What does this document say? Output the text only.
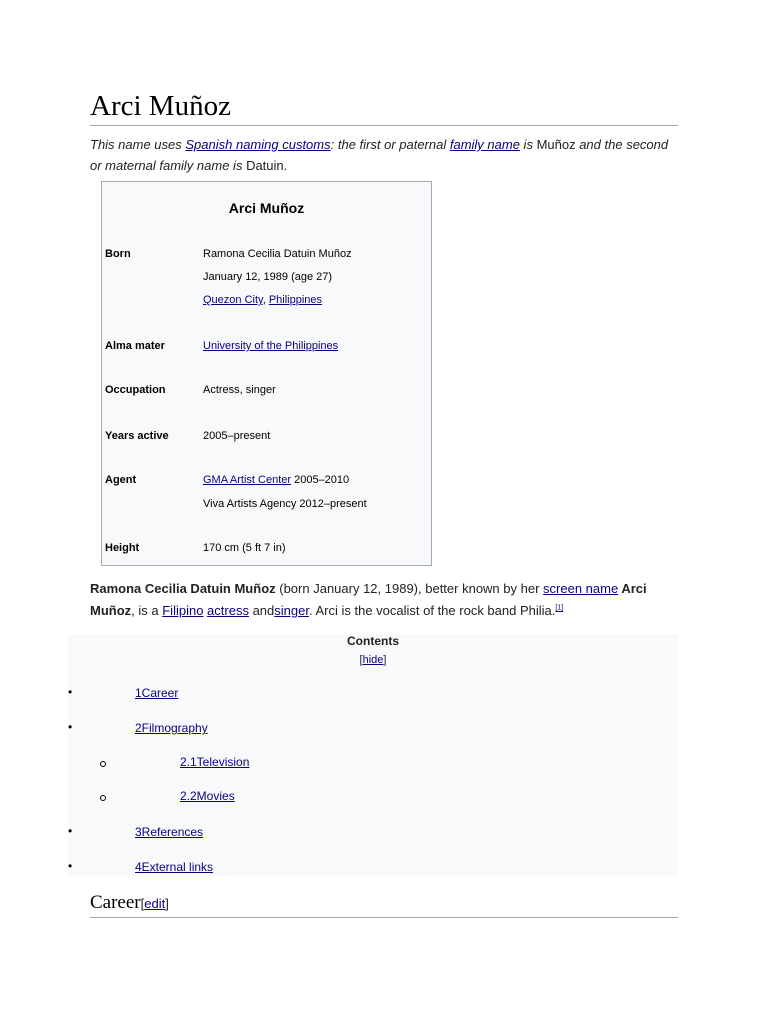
Arci Muñoz
This name uses Spanish naming customs: the first or paternal family name is Muñoz and the second or maternal family name is Datuin.
Arci Muñoz
Born	Ramona Cecilia Datuin Muñoz
January 12, 1989 (age 27)
Quezon City, Philippines
Alma mater	University of the Philippines
Occupation	Actress, singer
Years active	2005–present
Agent	GMA Artist Center 2005–2010
Viva Artists Agency 2012–present
Height	170 cm (5 ft 7 in)
Ramona Cecilia Datuin Muñoz (born January 12, 1989), better known by her screen name Arci Muñoz, is a Filipino actress andsinger. Arci is the vocalist of the rock band Philia.[1]
Contents
[hide]
•	1Career
•	2Filmography
2.1Television
2.2Movies
•	3References
•	4External links
Career[edit]
